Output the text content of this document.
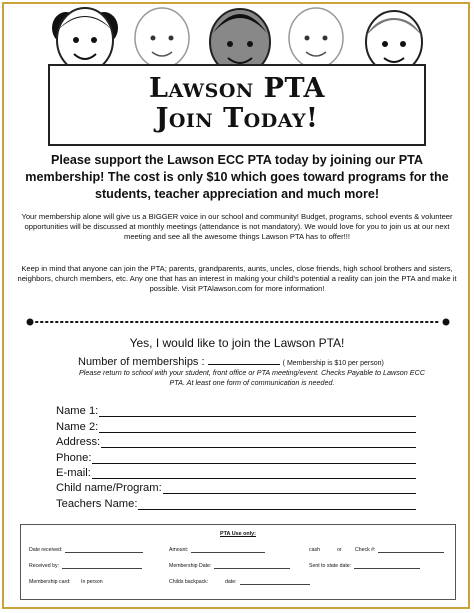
Lawson PTA
Join Today!
Please support the Lawson ECC PTA today by joining our PTA membership! The cost is only $10 which goes toward programs for the students, teacher appreciation and much more!
Your membership alone will give us a BIGGER voice in our school and community! Budget, programs, school events & volunteer opportunities will be discussed at monthly meetings (attendance is not mandatory). We would love for you to join us at our next meeting and see all the awesome things Lawson PTA has to offer!!!
Keep in mind that anyone can join the PTA; parents, grandparents, aunts, uncles, close friends, high school brothers and sisters, neighbors, church members, etc. Any one that has an interest in making your child's potential a reality can join the PTA and make it possible. Visit PTAlawson.com for more information!
Yes, I would like to join the Lawson PTA!
Number of memberships :	( Membership is $10 per person)
Please return to school with your student, front office or PTA meeting/event. Checks Payable to Lawson ECC PTA. At least one form of communication is needed.
Name 1:
Name 2:
Address:
Phone:
E-mail:
Child name/Program:
Teachers Name:
PTA Use only:
Date received:	Amount:	cash	or	Check #:
Received by:	Membership Date:	Sent to state date:
Membership card: In person	Childs backpack:	date:
